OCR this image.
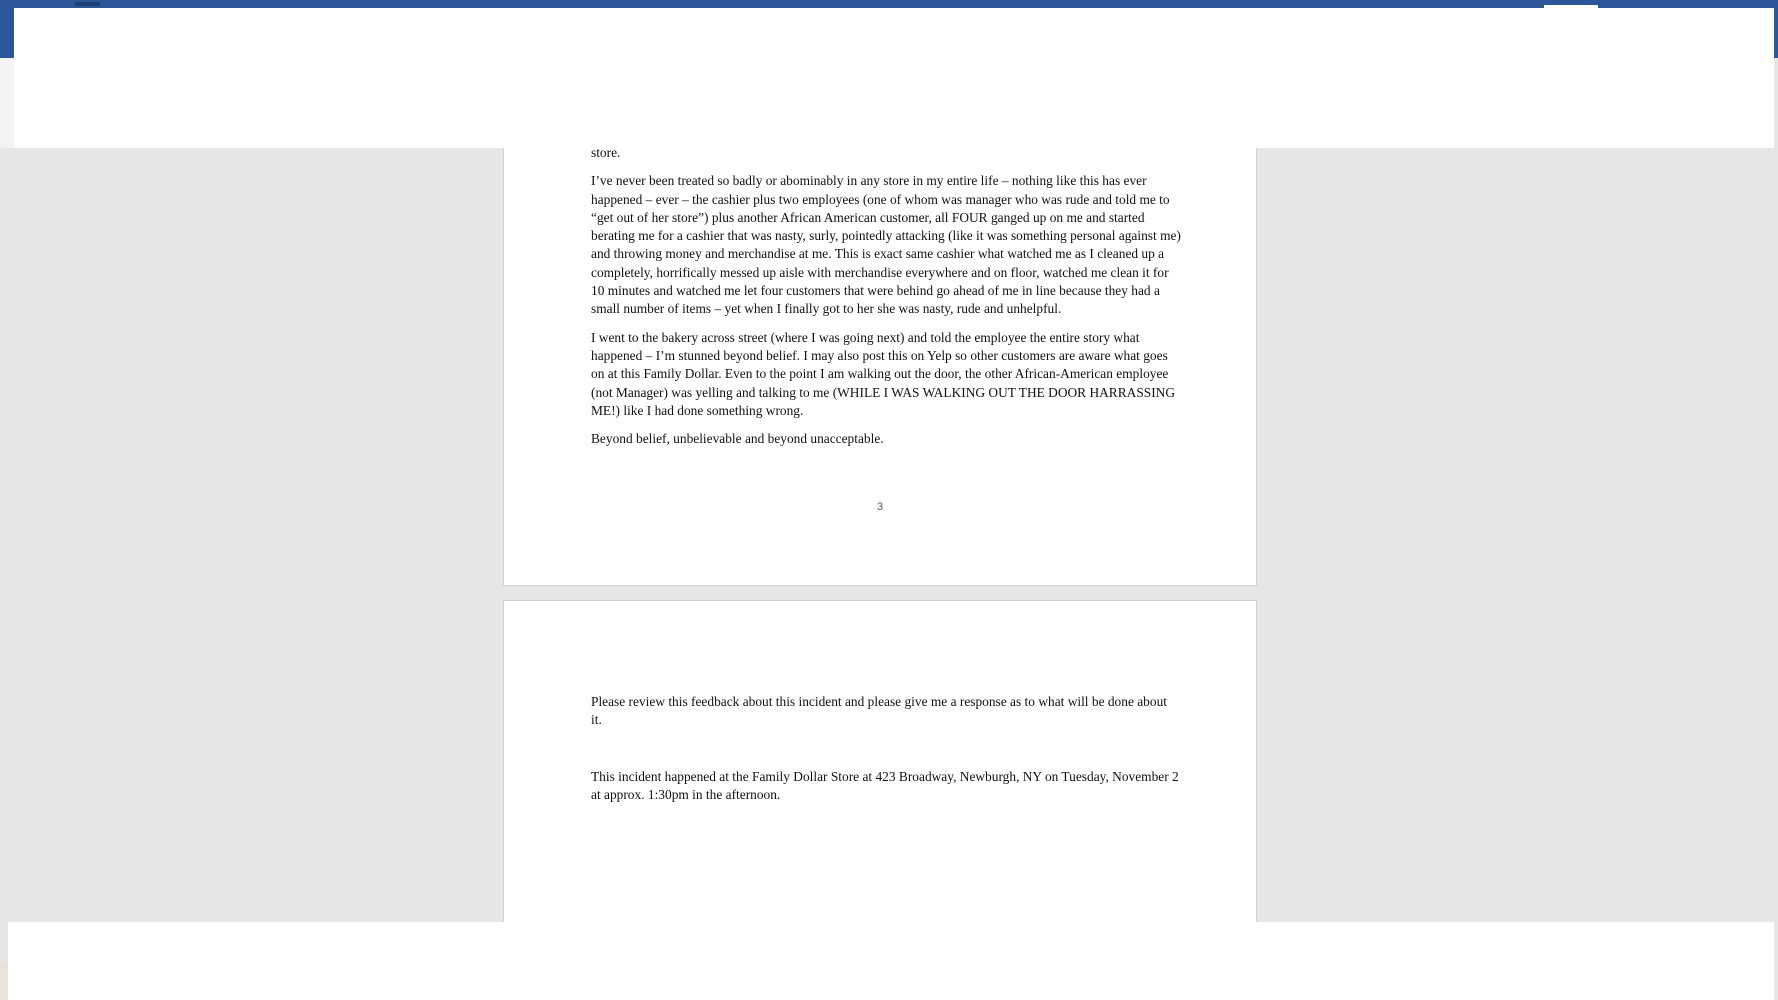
store.

I’ve never been treated so badly or abominably in any store in my entire life – nothing like this has ever happened – ever – the cashier plus two employees (one of whom was manager who was rude and told me to “get out of her store”) plus another African American customer, all FOUR ganged up on me and started berating me for a cashier that was nasty, surly, pointedly attacking (like it was something personal against me) and throwing money and merchandise at me. This is exact same cashier what watched me as I cleaned up a completely, horrifically messed up aisle with merchandise everywhere and on floor, watched me clean it for 10 minutes and watched me let four customers that were behind go ahead of me in line because they had a small number of items – yet when I finally got to her she was nasty, rude and unhelpful.

I went to the bakery across street (where I was going next) and told the employee the entire story what happened – I’m stunned beyond belief. I may also post this on Yelp so other customers are aware what goes on at this Family Dollar. Even to the point I am walking out the door, the other African-American employee (not Manager) was yelling and talking to me (WHILE I WAS WALKING OUT THE DOOR HARRASSING ME!) like I had done something wrong.

Beyond belief, unbelievable and beyond unacceptable.

3

Please review this feedback about this incident and please give me a response as to what will be done about it.

This incident happened at the Family Dollar Store at 423 Broadway, Newburgh, NY on Tuesday, November 2 at approx. 1:30pm in the afternoon.
